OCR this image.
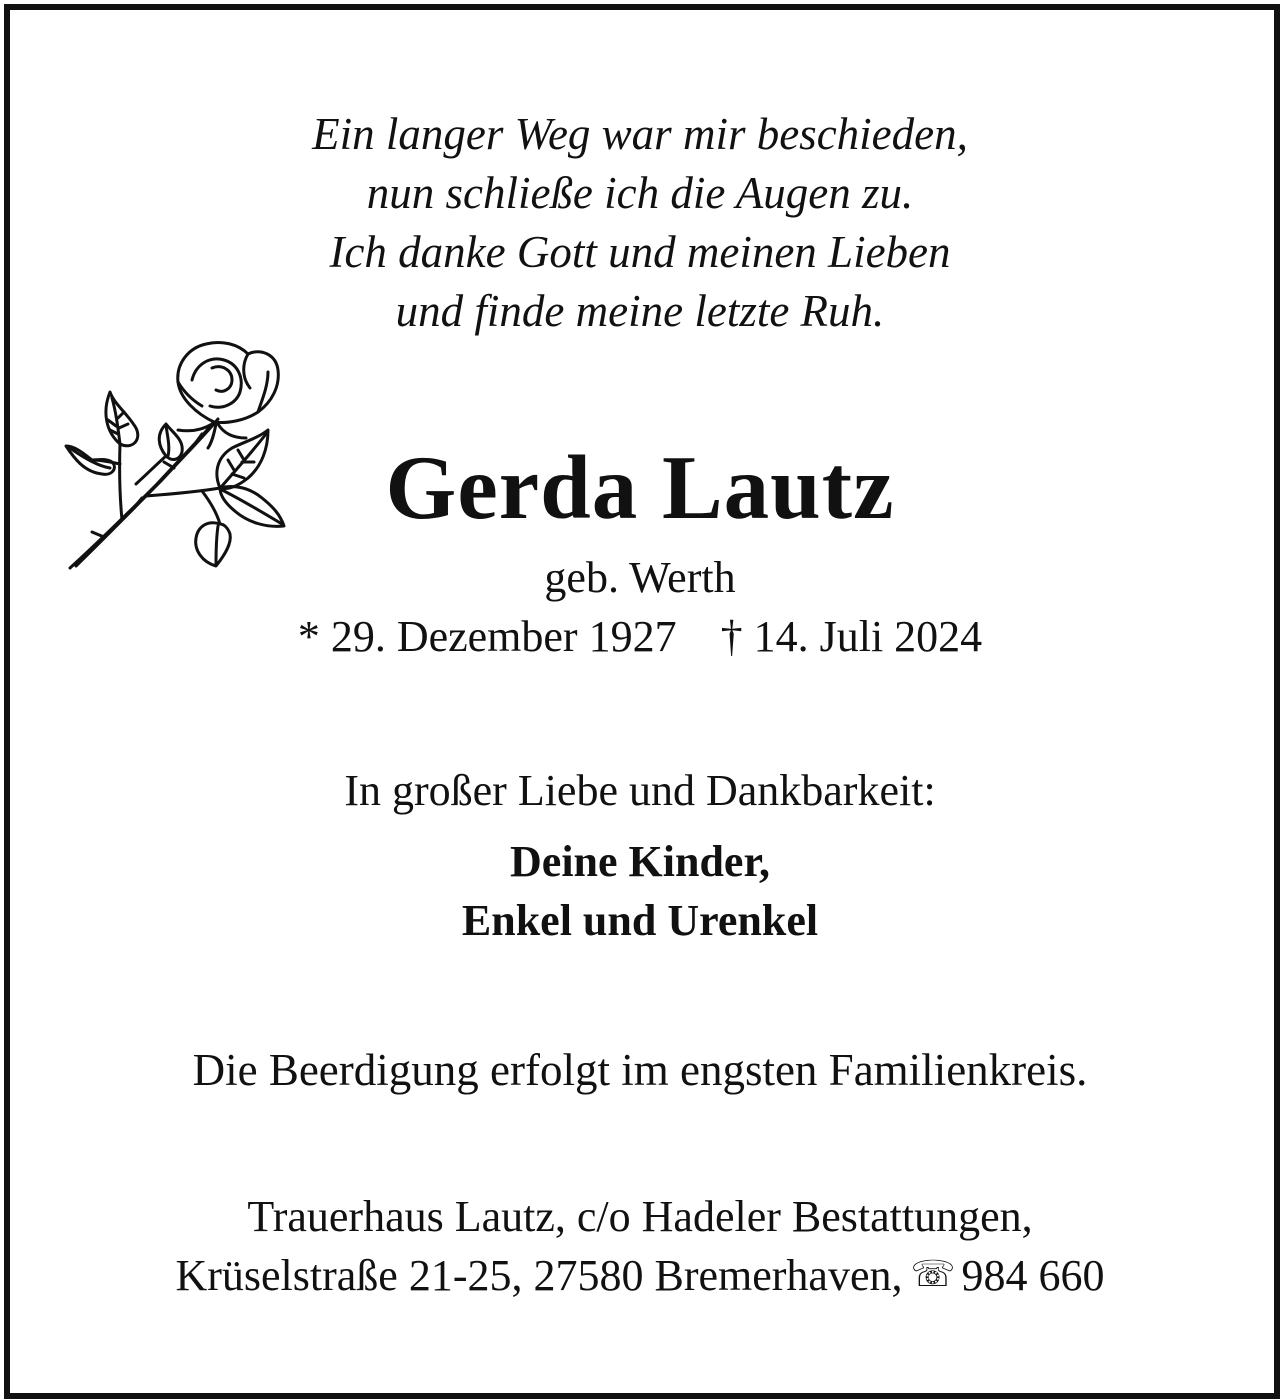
Ein langer Weg war mir beschieden,
nun schließe ich die Augen zu.
Ich danke Gott und meinen Lieben
und finde meine letzte Ruh.
Gerda Lautz
geb. Werth
* 29. Dezember 1927 † 14. Juli 2024
In großer Liebe und Dankbarkeit:
Deine Kinder,
Enkel und Urenkel
Die Beerdigung erfolgt im engsten Familienkreis.
Trauerhaus Lautz, c/o Hadeler Bestattungen,
Krüselstraße 21-25, 27580 Bremerhaven, ☏ 984 660
